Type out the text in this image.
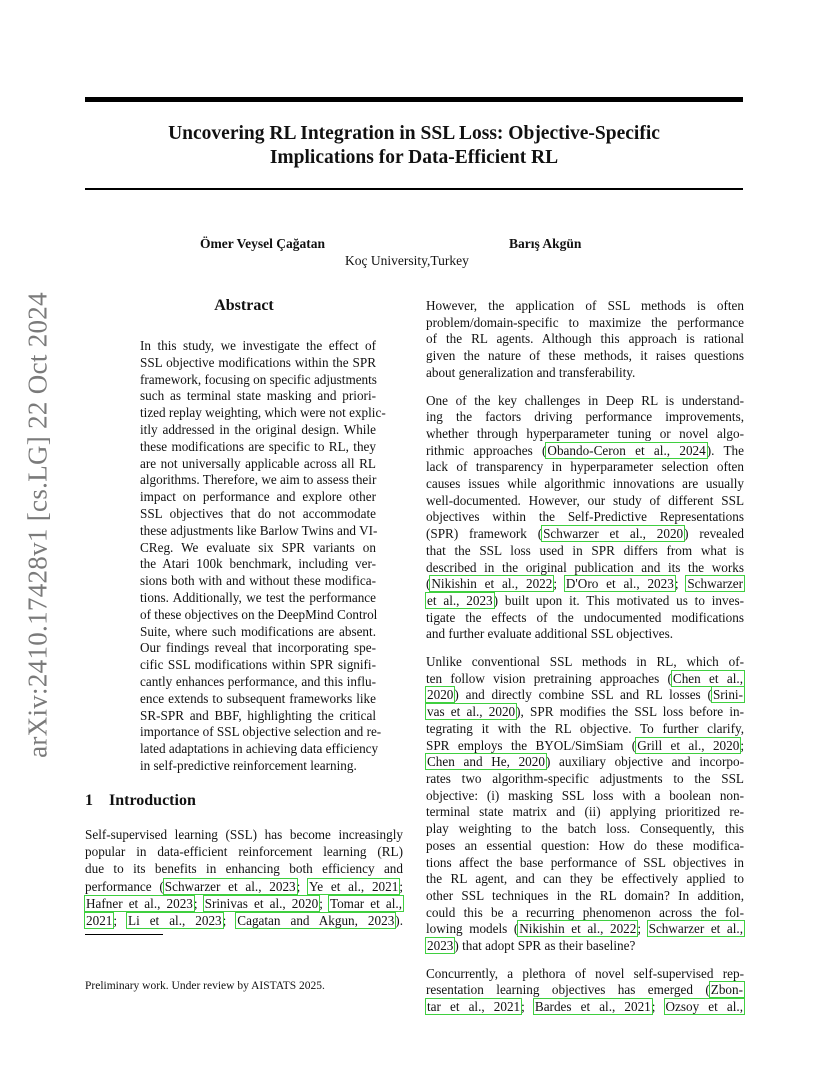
arXiv:2410.17428v1 [cs.LG] 22 Oct 2024
Uncovering RL Integration in SSL Loss: Objective-Specific
Implications for Data-Efficient RL
Ömer Veysel Çağatan	Barış Akgün
Koç University,Turkey
Abstract
In this study, we investigate the effect of
SSL objective modifications within the SPR
framework, focusing on specific adjustments
such as terminal state masking and priori-
tized replay weighting, which were not explic-
itly addressed in the original design. While
these modifications are specific to RL, they
are not universally applicable across all RL
algorithms. Therefore, we aim to assess their
impact on performance and explore other
SSL objectives that do not accommodate
these adjustments like Barlow Twins and VI-
CReg. We evaluate six SPR variants on
the Atari 100k benchmark, including ver-
sions both with and without these modifica-
tions. Additionally, we test the performance
of these objectives on the DeepMind Control
Suite, where such modifications are absent.
Our findings reveal that incorporating spe-
cific SSL modifications within SPR signifi-
cantly enhances performance, and this influ-
ence extends to subsequent frameworks like
SR-SPR and BBF, highlighting the critical
importance of SSL objective selection and re-
lated adaptations in achieving data efficiency
in self-predictive reinforcement learning.
1 Introduction
Self-supervised learning (SSL) has become increasingly
popular in data-efficient reinforcement learning (RL)
due to its benefits in enhancing both efficiency and
performance (Schwarzer et al., 2023; Ye et al., 2021;
Hafner et al., 2023; Srinivas et al., 2020; Tomar et al.,
2021; Li et al., 2023; Cagatan and Akgun, 2023).
Preliminary work. Under review by AISTATS 2025.
However, the application of SSL methods is often
problem/domain-specific to maximize the performance
of the RL agents. Although this approach is rational
given the nature of these methods, it raises questions
about generalization and transferability.
One of the key challenges in Deep RL is understand-
ing the factors driving performance improvements,
whether through hyperparameter tuning or novel algo-
rithmic approaches (Obando-Ceron et al., 2024). The
lack of transparency in hyperparameter selection often
causes issues while algorithmic innovations are usually
well-documented. However, our study of different SSL
objectives within the Self-Predictive Representations
(SPR) framework (Schwarzer et al., 2020) revealed
that the SSL loss used in SPR differs from what is
described in the original publication and its the works
(Nikishin et al., 2022; D'Oro et al., 2023; Schwarzer
et al., 2023) built upon it. This motivated us to inves-
tigate the effects of the undocumented modifications
and further evaluate additional SSL objectives.
Unlike conventional SSL methods in RL, which of-
ten follow vision pretraining approaches (Chen et al.,
2020) and directly combine SSL and RL losses (Srini-
vas et al., 2020), SPR modifies the SSL loss before in-
tegrating it with the RL objective. To further clarify,
SPR employs the BYOL/SimSiam (Grill et al., 2020;
Chen and He, 2020) auxiliary objective and incorpo-
rates two algorithm-specific adjustments to the SSL
objective: (i) masking SSL loss with a boolean non-
terminal state matrix and (ii) applying prioritized re-
play weighting to the batch loss. Consequently, this
poses an essential question: How do these modifica-
tions affect the base performance of SSL objectives in
the RL agent, and can they be effectively applied to
other SSL techniques in the RL domain? In addition,
could this be a recurring phenomenon across the fol-
lowing models (Nikishin et al., 2022; Schwarzer et al.,
2023) that adopt SPR as their baseline?
Concurrently, a plethora of novel self-supervised rep-
resentation learning objectives has emerged (Zbon-
tar et al., 2021; Bardes et al., 2021; Ozsoy et al.,
